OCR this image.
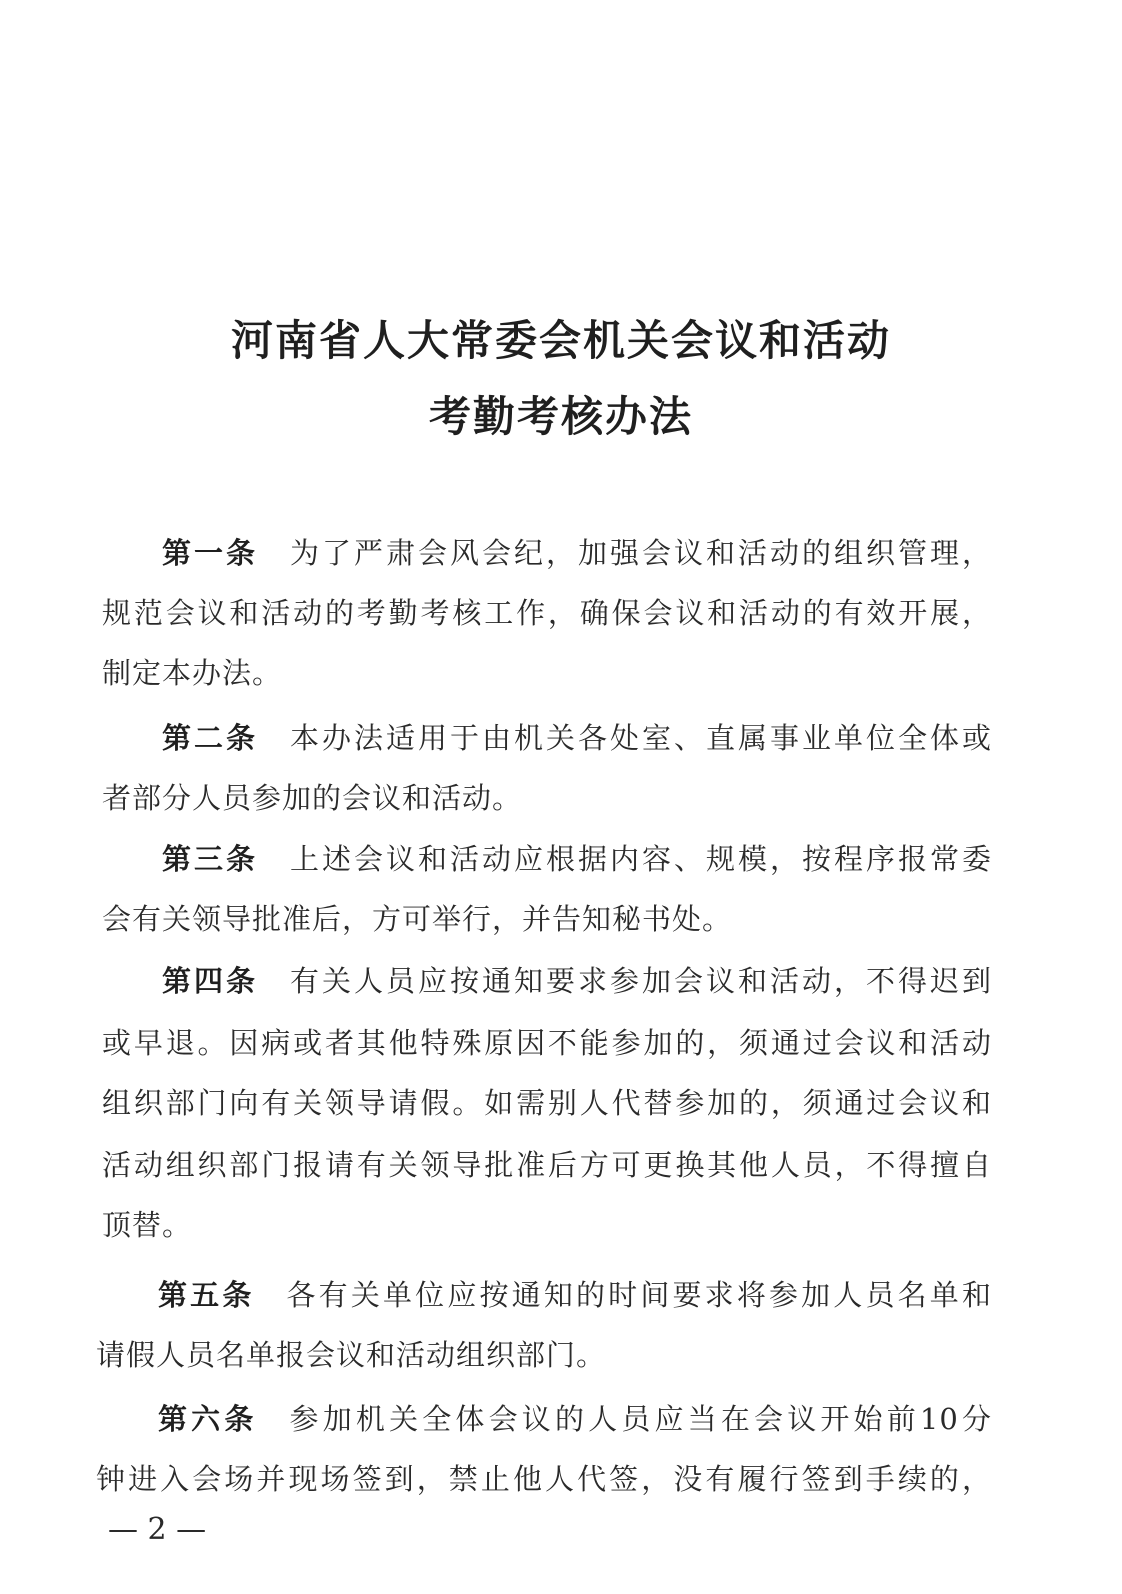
河南省人大常委会机关会议和活动
考勤考核办法
第一条 为了严肃会风会纪，加强会议和活动的组织管理，
规范会议和活动的考勤考核工作，确保会议和活动的有效开展，
制定本办法。
第二条 本办法适用于由机关各处室、直属事业单位全体或
者部分人员参加的会议和活动。
第三条 上述会议和活动应根据内容、规模，按程序报常委
会有关领导批准后，方可举行，并告知秘书处。
第四条 有关人员应按通知要求参加会议和活动，不得迟到
或早退。因病或者其他特殊原因不能参加的，须通过会议和活动
组织部门向有关领导请假。如需别人代替参加的，须通过会议和
活动组织部门报请有关领导批准后方可更换其他人员，不得擅自
顶替。
第五条 各有关单位应按通知的时间要求将参加人员名单和
请假人员名单报会议和活动组织部门。
第六条 参加机关全体会议的人员应当在会议开始前10分
钟进入会场并现场签到，禁止他人代签，没有履行签到手续的，
— 2 —
